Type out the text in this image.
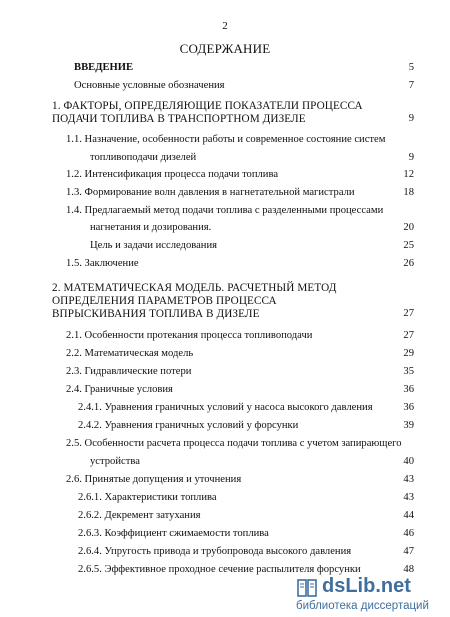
2
СОДЕРЖАНИЕ
ВВЕДЕНИЕ	5
Основные условные обозначения	7
1. ФАКТОРЫ, ОПРЕДЕЛЯЮЩИЕ ПОКАЗАТЕЛИ ПРОЦЕССА
ПОДАЧИ ТОПЛИВА В ТРАНСПОРТНОМ ДИЗЕЛЕ	9
1.1. Назначение, особенности работы и современное состояние систем
топливоподачи дизелей	9
1.2. Интенсификация процесса подачи топлива	12
1.3. Формирование волн давления в нагнетательной магистрали	18
1.4. Предлагаемый метод подачи топлива с разделенными процессами
нагнетания и дозирования.	20
Цель и задачи исследования	25
1.5. Заключение	26
2. МАТЕМАТИЧЕСКАЯ МОДЕЛЬ. РАСЧЕТНЫЙ МЕТОД
ОПРЕДЕЛЕНИЯ ПАРАМЕТРОВ ПРОЦЕССА
ВПРЫСКИВАНИЯ ТОПЛИВА В ДИЗЕЛЕ	27
2.1. Особенности протекания процесса топливоподачи	27
2.2. Математическая модель	29
2.3. Гидравлические потери	35
2.4. Граничные условия	36
2.4.1. Уравнения граничных условий у насоса высокого давления	36
2.4.2. Уравнения граничных условий у форсунки	39
2.5. Особенности расчета процесса подачи топлива с учетом запирающего
устройства	40
2.6. Принятые допущения и уточнения	43
2.6.1. Характеристики топлива	43
2.6.2. Декремент затухания	44
2.6.3. Коэффициент сжимаемости топлива	46
2.6.4. Упругость привода и трубопровода высокого давления	47
2.6.5. Эффективное проходное сечение распылителя форсунки	48
dsLib.net
библиотека диссертаций
